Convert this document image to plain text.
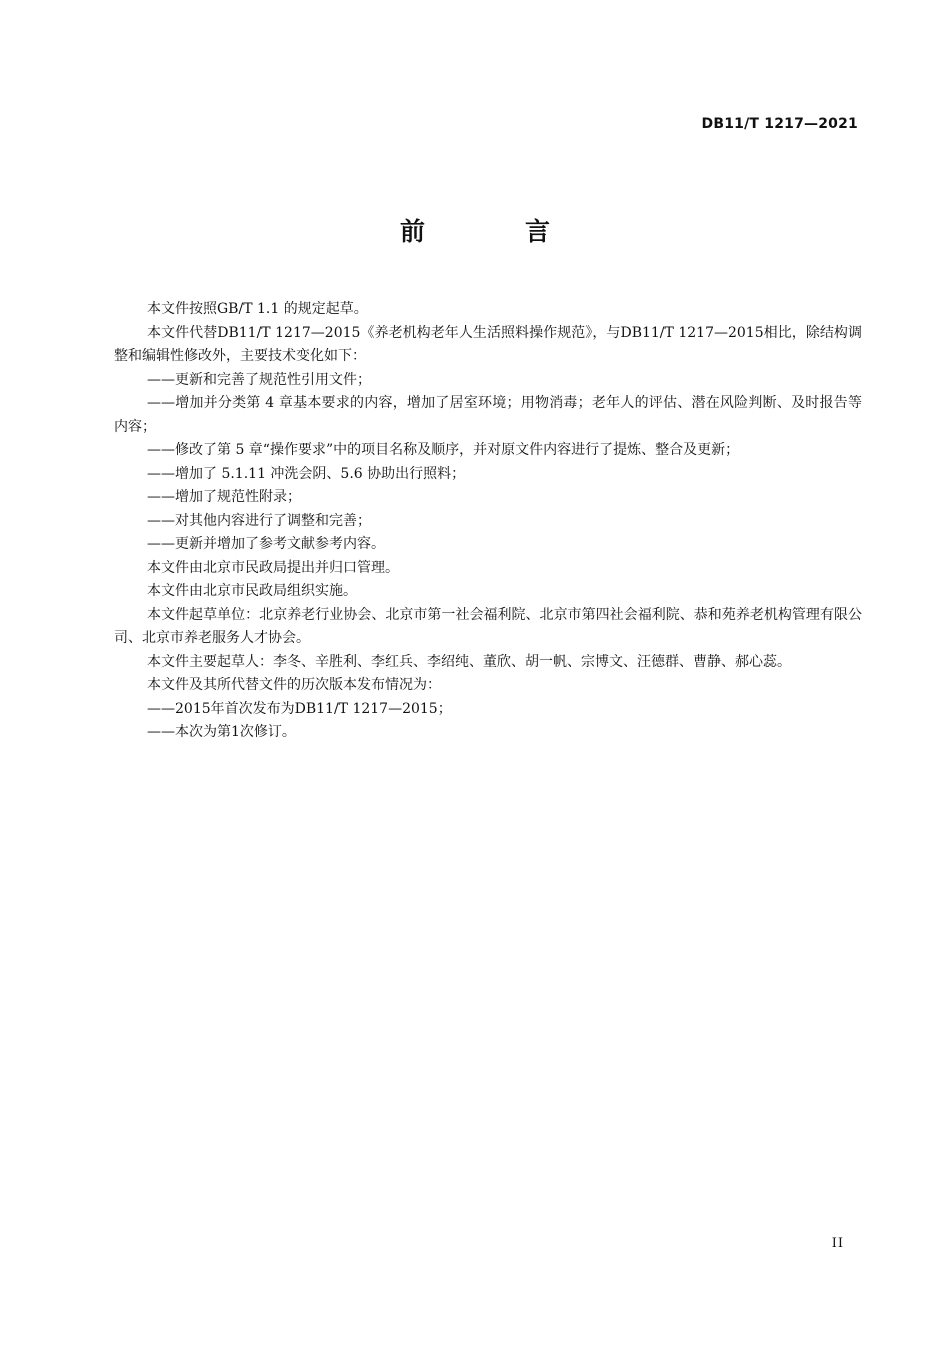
DB11/T 1217—2021
前	言

本文件按照GB/T 1.1 的规定起草。

本文件代替DB11/T 1217—2015《养老机构老年人生活照料操作规范》，与DB11/T 1217—2015相比，除结构调整和编辑性修改外，主要技术变化如下：

——更新和完善了规范性引用文件；

——增加并分类第 4 章基本要求的内容，增加了居室环境；用物消毒；老年人的评估、潜在风险判断、及时报告等内容；

——修改了第 5 章“操作要求”中的项目名称及顺序，并对原文件内容进行了提炼、整合及更新；

——增加了 5.1.11 冲洗会阴、5.6 协助出行照料；

——增加了规范性附录；

——对其他内容进行了调整和完善；

——更新并增加了参考文献参考内容。

本文件由北京市民政局提出并归口管理。

本文件由北京市民政局组织实施。

本文件起草单位：北京养老行业协会、北京市第一社会福利院、北京市第四社会福利院、恭和苑养老机构管理有限公司、北京市养老服务人才协会。

本文件主要起草人：李冬、辛胜利、李红兵、李绍纯、董欣、胡一帆、宗博文、汪德群、曹静、郝心蕊。

本文件及其所代替文件的历次版本发布情况为：

——2015年首次发布为DB11/T 1217—2015；

——本次为第1次修订。

II
